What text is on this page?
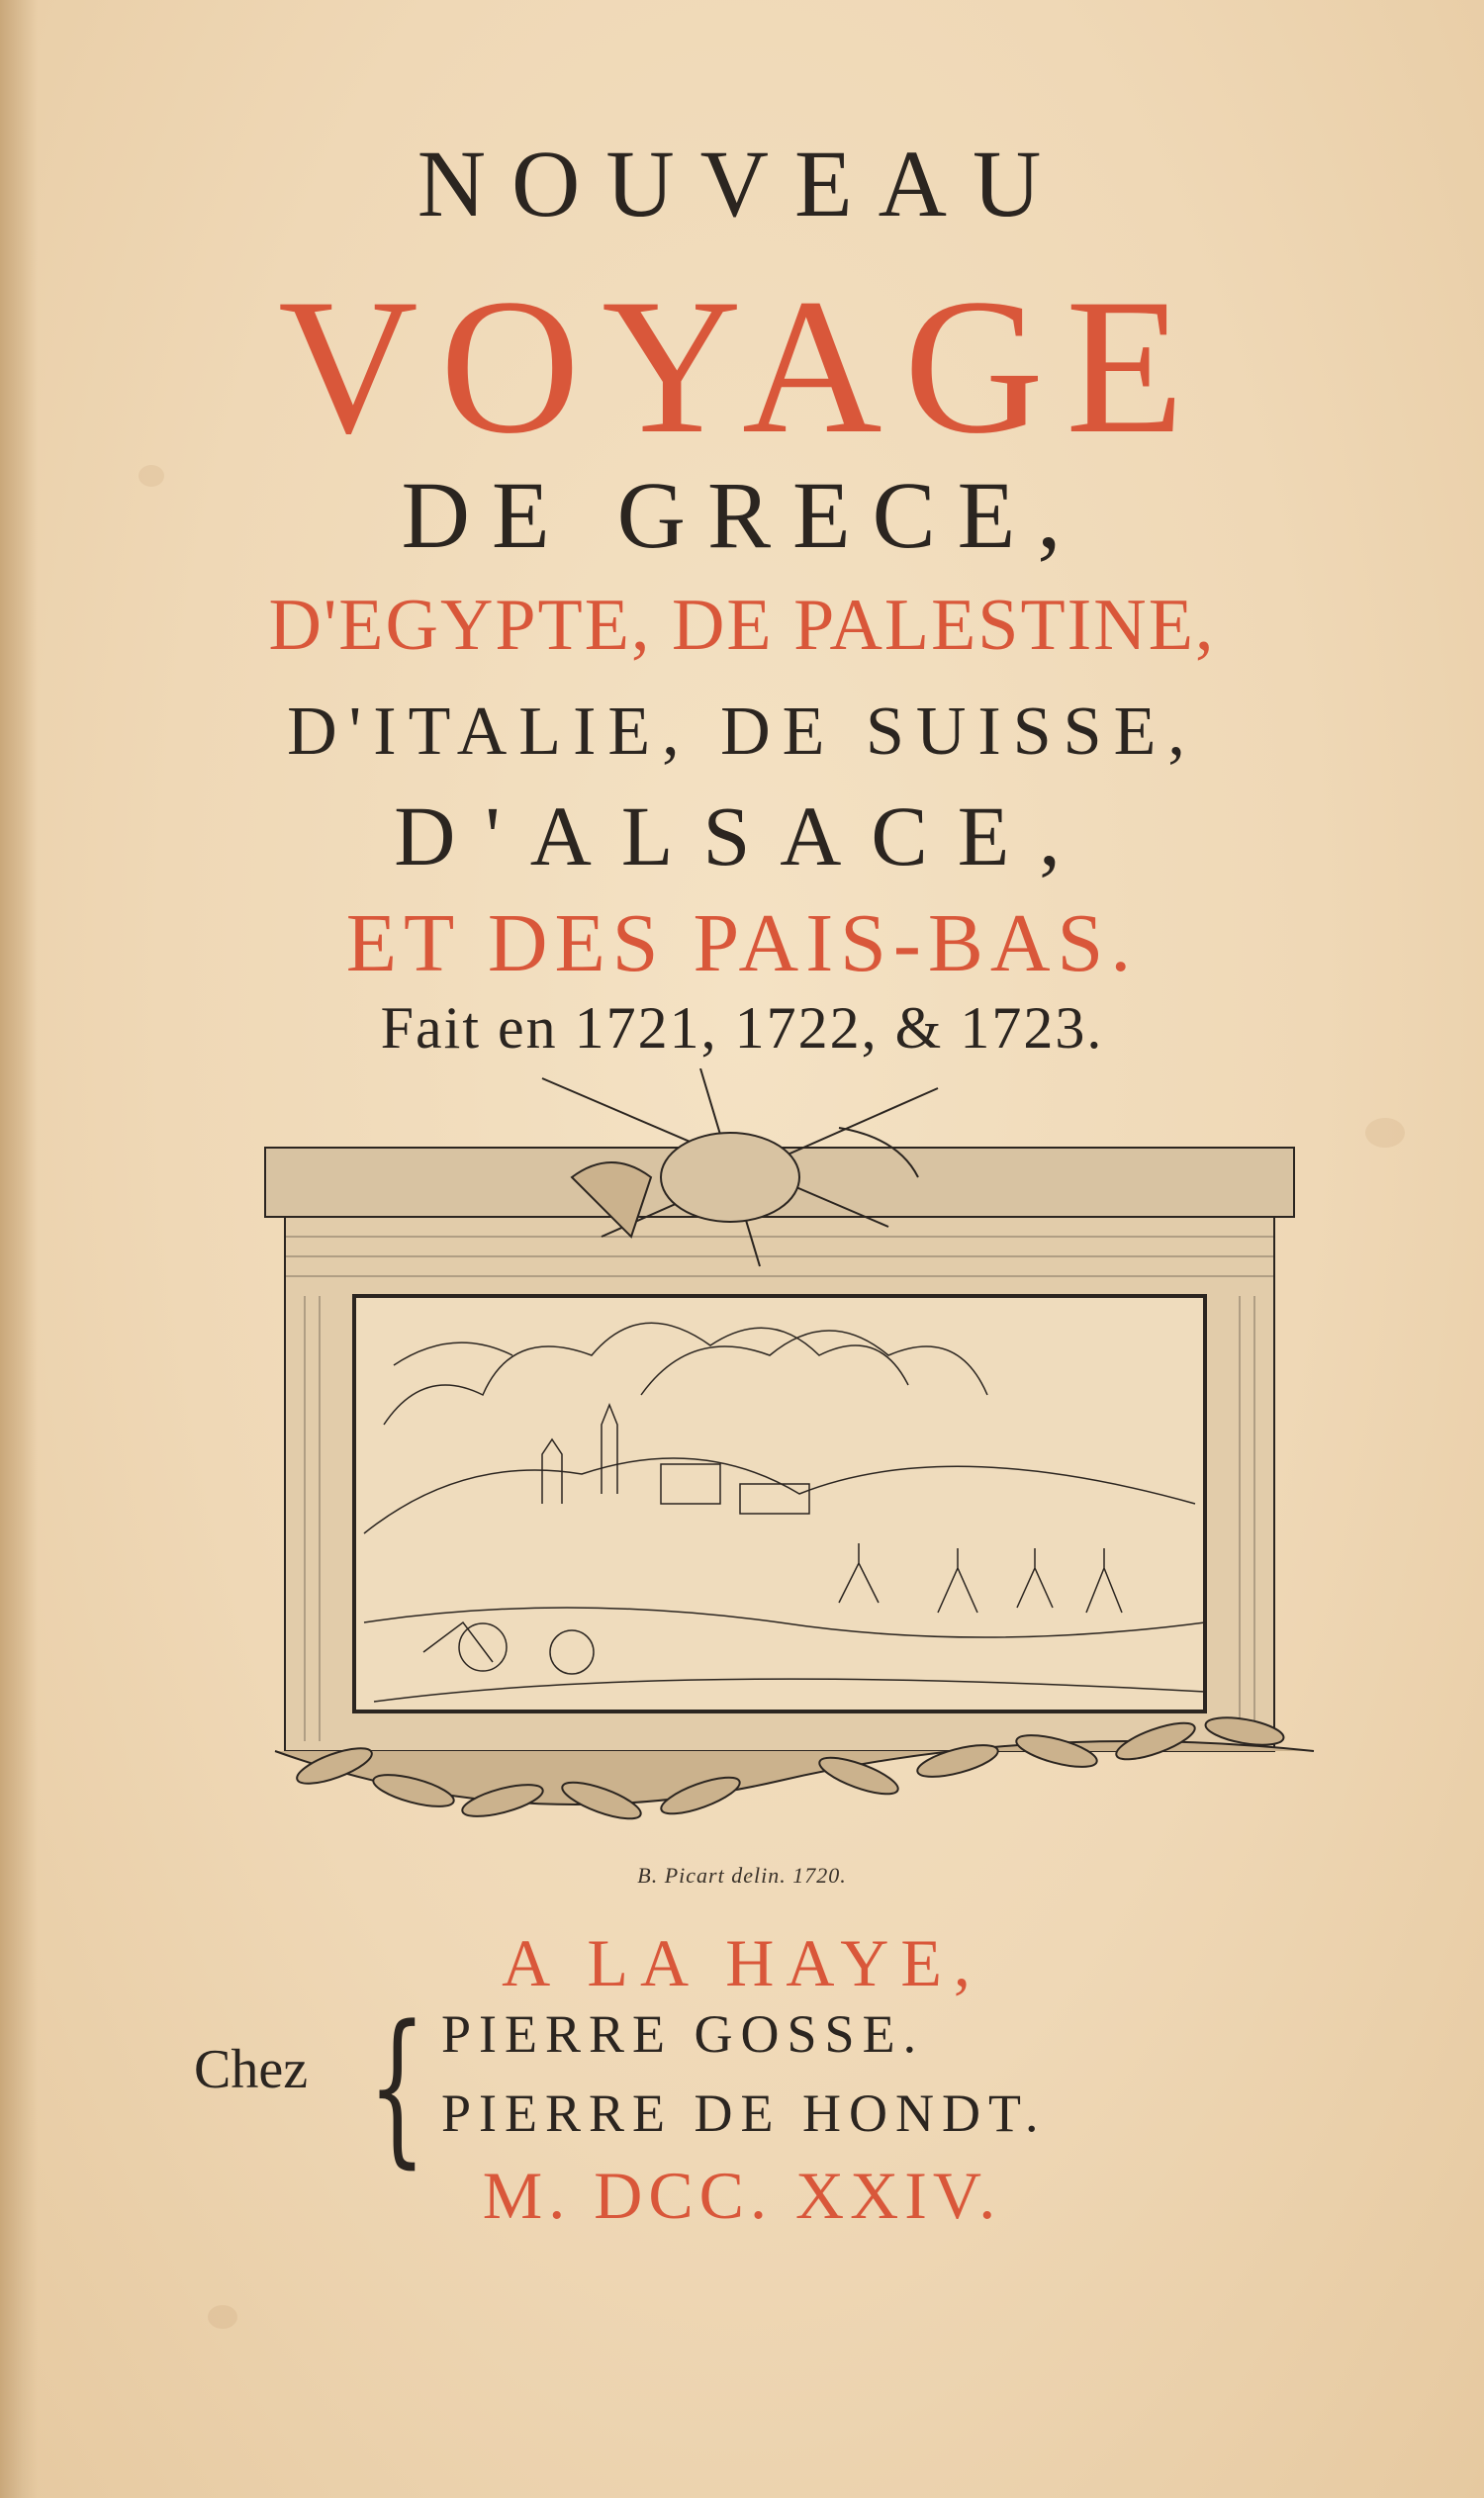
NOUVEAU
VOYAGE
DE GRECE,
D'EGYPTE, DE PALESTINE,
D'ITALIE, DE SUISSE,
D'ALSACE,
ET DES PAIS-BAS.
Fait en 1721, 1722, & 1723.
B. Picart delin. 1720.
A LA HAYE,
Chez { PIERRE GOSSE.
PIERRE DE HONDT.
M. DCC. XXIV.
